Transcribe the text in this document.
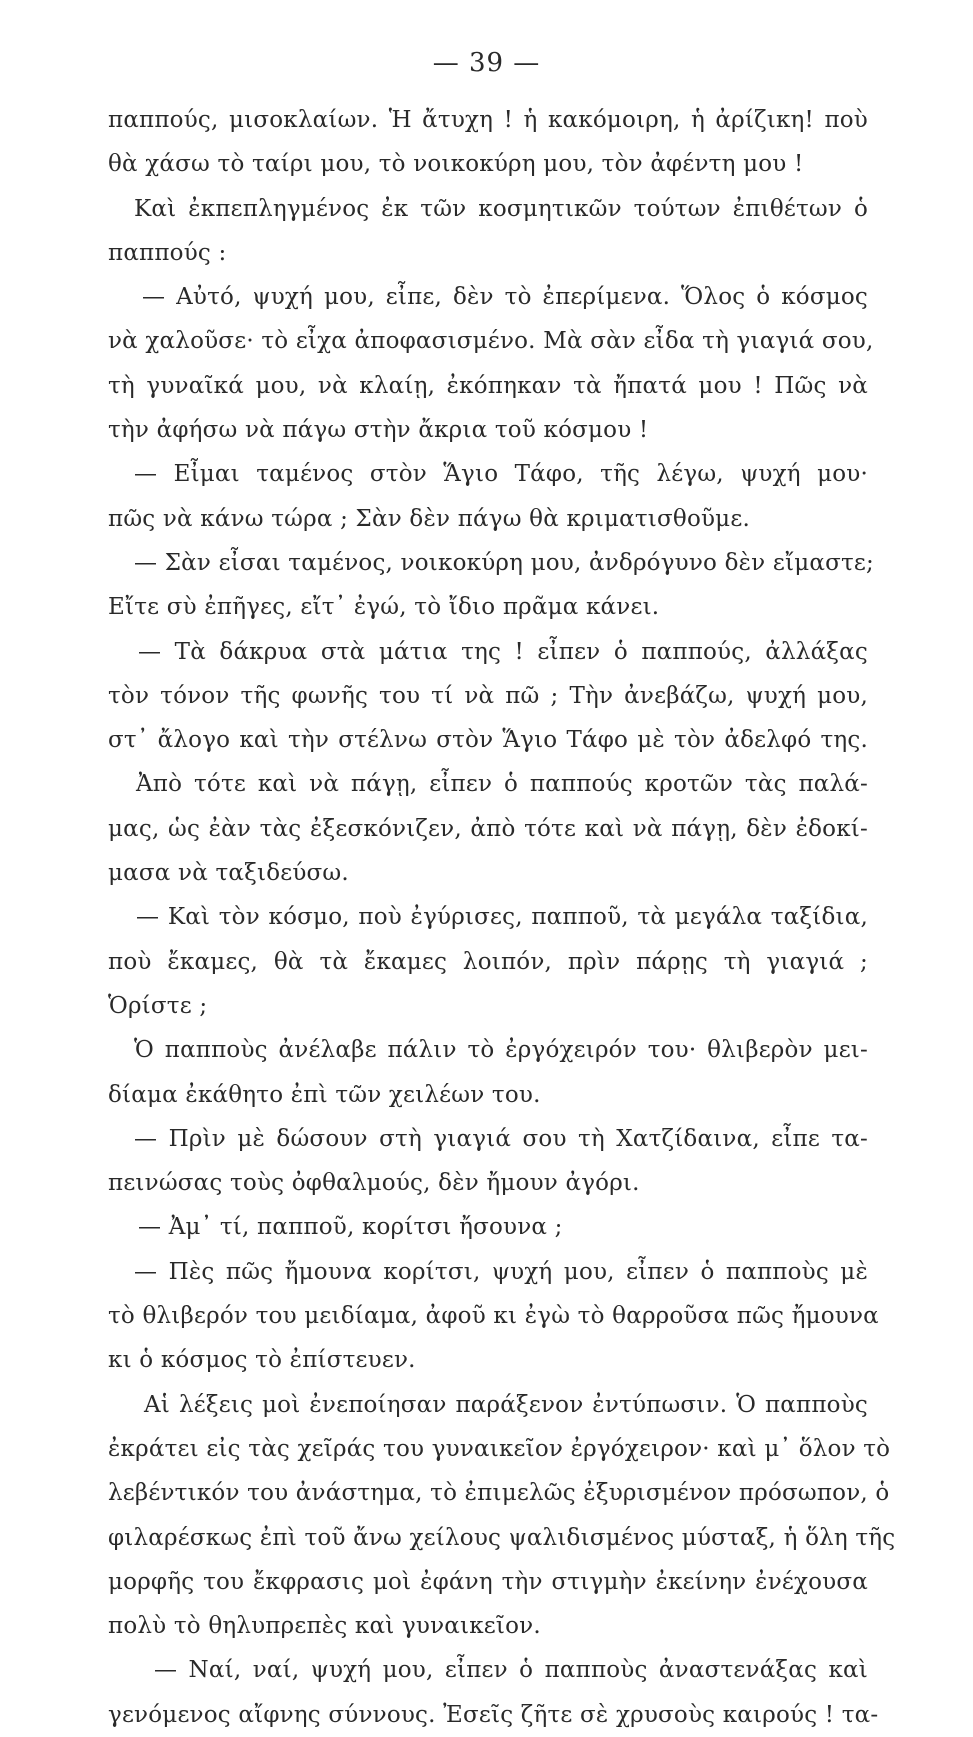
— 39 —
παππούς, μισοκλαίων. Ἡ ἄτυχη ! ἡ κακόμοιρη, ἡ ἀρίζικη! ποὺ
θὰ χάσω τὸ ταίρι μου, τὸ νοικοκύρη μου, τὸν ἀφέντη μου !
Καὶ ἐκπεπληγμένος ἐκ τῶν κοσμητικῶν τούτων ἐπιθέτων ὁ
παππούς :
— Αὐτό, ψυχή μου, εἶπε, δὲν τὸ ἐπερίμενα. Ὅλος ὁ κόσμος
νὰ χαλοῦσε· τὸ εἶχα ἀποφασισμένο. Μὰ σὰν εἶδα τὴ γιαγιά σου,
τὴ γυναῖκά μου, νὰ κλαίῃ, ἐκόπηκαν τὰ ἤπατά μου ! Πῶς νὰ
τὴν ἀφήσω νὰ πάγω στὴν ἄκρια τοῦ κόσμου !
— Εἶμαι ταμένος στὸν Ἅγιο Τάφο, τῆς λέγω, ψυχή μου·
πῶς νὰ κάνω τώρα ; Σὰν δὲν πάγω θὰ κριματισθοῦμε.
— Σὰν εἶσαι ταμένος, νοικοκύρη μου, ἀνδρόγυνο δὲν εἴμαστε;
Εἴτε σὺ ἐπῆγες, εἴτ᾽ ἐγώ, τὸ ἴδιο πρᾶμα κάνει.
— Τὰ δάκρυα στὰ μάτια της ! εἶπεν ὁ παππούς, ἀλλάξας
τὸν τόνον τῆς φωνῆς του τί νὰ πῶ ; Τὴν ἀνεβάζω, ψυχή μου,
στ᾽ ἄλογο καὶ τὴν στέλνω στὸν Ἅγιο Τάφο μὲ τὸν ἀδελφό της.
Ἀπὸ τότε καὶ νὰ πάγῃ, εἶπεν ὁ παππούς κροτῶν τὰς παλά-
μας, ὡς ἐὰν τὰς ἐξεσκόνιζεν, ἀπὸ τότε καὶ νὰ πάγῃ, δὲν ἐδοκί-
μασα νὰ ταξιδεύσω.
— Καὶ τὸν κόσμο, ποὺ ἐγύρισες, παπποῦ, τὰ μεγάλα ταξίδια,
ποὺ ἔκαμες, θὰ τὰ ἔκαμες λοιπόν, πρὶν πάρῃς τὴ γιαγιά ;
Ὁρίστε ;
Ὁ παπποὺς ἀνέλαβε πάλιν τὸ ἐργόχειρόν του· θλιβερὸν μει-
δίαμα ἐκάθητο ἐπὶ τῶν χειλέων του.
— Πρὶν μὲ δώσουν στὴ γιαγιά σου τὴ Χατζίδαινα, εἶπε τα-
πεινώσας τοὺς ὀφθαλμούς, δὲν ἤμουν ἀγόρι.
— Ἀμ᾽ τί, παπποῦ, κορίτσι ἤσουνα ;
— Πὲς πῶς ἤμουνα κορίτσι, ψυχή μου, εἶπεν ὁ παπποὺς μὲ
τὸ θλιβερόν του μειδίαμα, ἀφοῦ κι ἐγὼ τὸ θαρροῦσα πῶς ἤμουνα
κι ὁ κόσμος τὸ ἐπίστευεν.
Αἱ λέξεις μοὶ ἐνεποίησαν παράξενον ἐντύπωσιν. Ὁ παπποὺς
ἐκράτει εἰς τὰς χεῖράς του γυναικεῖον ἐργόχειρον· καὶ μ᾽ ὅλον τὸ
λεβέντικόν του ἀνάστημα, τὸ ἐπιμελῶς ἐξυρισμένον πρόσωπον, ὁ
φιλαρέσκως ἐπὶ τοῦ ἄνω χείλους ψαλιδισμένος μύσταξ, ἡ ὅλη τῆς
μορφῆς του ἔκφρασις μοὶ ἐφάνη τὴν στιγμὴν ἐκείνην ἐνέχουσα
πολὺ τὸ θηλυπρεπὲς καὶ γυναικεῖον.
— Ναί, ναί, ψυχή μου, εἶπεν ὁ παπποὺς ἀναστενάξας καὶ
γενόμενος αἴφνης σύννους. Ἐσεῖς ζῆτε σὲ χρυσοὺς καιρούς ! τα-
